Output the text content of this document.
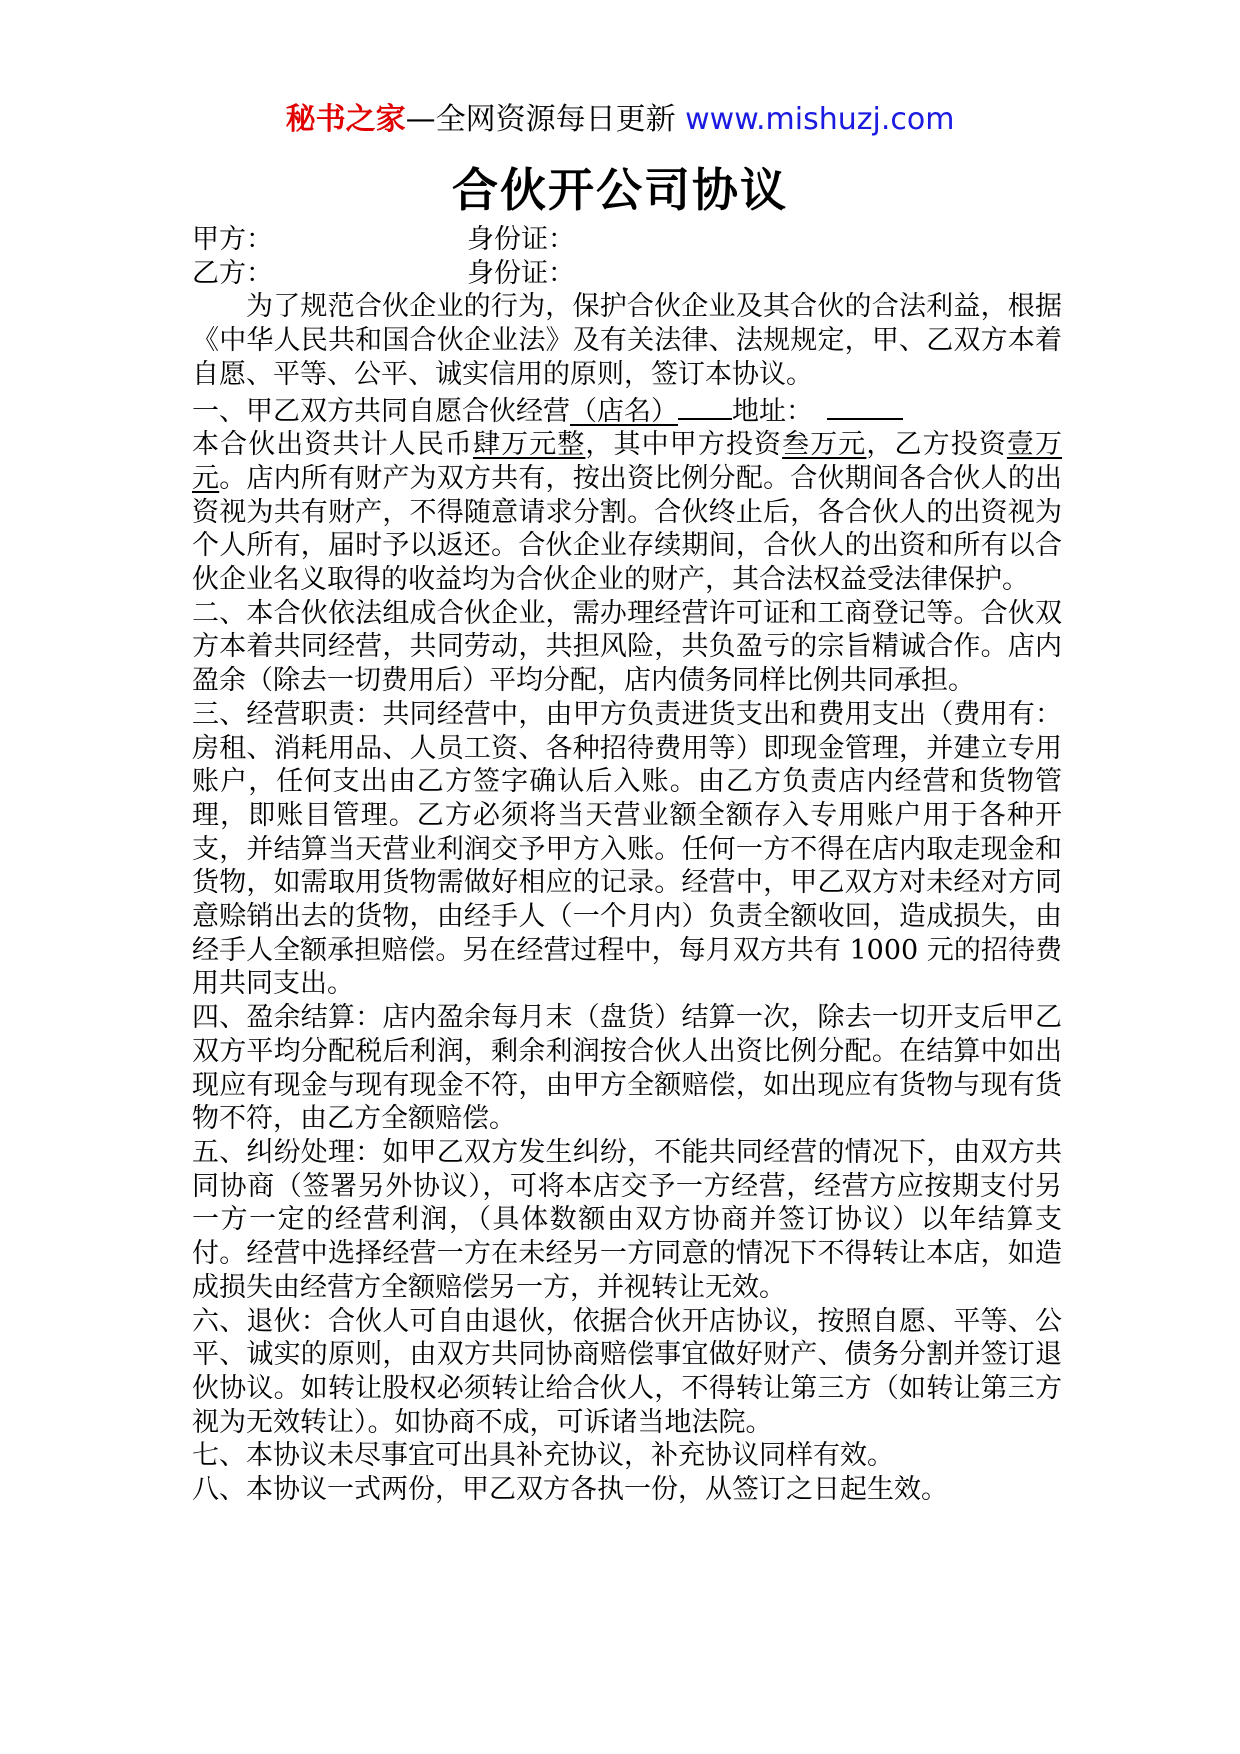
秘书之家—全网资源每日更新 www.mishuzj.com
合伙开公司协议
甲方：	身份证：
乙方：	身份证：

为了规范合伙企业的行为，保护合伙企业及其合伙的合法利益，根据《中华人民共和国合伙企业法》及有关法律、法规规定，甲、乙双方本着自愿、平等、公平、诚实信用的原则，签订本协议。

一、甲乙双方共同自愿合伙经营（店名） 地址：

本合伙出资共计人民币肆万元整，其中甲方投资叁万元，乙方投资壹万元。店内所有财产为双方共有，按出资比例分配。合伙期间各合伙人的出资视为共有财产，不得随意请求分割。合伙终止后，各合伙人的出资视为个人所有，届时予以返还。合伙企业存续期间，合伙人的出资和所有以合伙企业名义取得的收益均为合伙企业的财产，其合法权益受法律保护。

二、本合伙依法组成合伙企业，需办理经营许可证和工商登记等。合伙双方本着共同经营，共同劳动，共担风险，共负盈亏的宗旨精诚合作。店内盈余（除去一切费用后）平均分配，店内债务同样比例共同承担。

三、经营职责：共同经营中，由甲方负责进货支出和费用支出（费用有：房租、消耗用品、人员工资、各种招待费用等）即现金管理，并建立专用账户，任何支出由乙方签字确认后入账。由乙方负责店内经营和货物管理，即账目管理。乙方必须将当天营业额全额存入专用账户用于各种开支，并结算当天营业利润交予甲方入账。任何一方不得在店内取走现金和货物，如需取用货物需做好相应的记录。经营中，甲乙双方对未经对方同意赊销出去的货物，由经手人（一个月内）负责全额收回，造成损失，由经手人全额承担赔偿。另在经营过程中，每月双方共有 1000 元的招待费用共同支出。

四、盈余结算：店内盈余每月末（盘货）结算一次，除去一切开支后甲乙双方平均分配税后利润，剩余利润按合伙人出资比例分配。在结算中如出现应有现金与现有现金不符，由甲方全额赔偿，如出现应有货物与现有货物不符，由乙方全额赔偿。

五、纠纷处理：如甲乙双方发生纠纷，不能共同经营的情况下，由双方共同协商（签署另外协议），可将本店交予一方经营，经营方应按期支付另一方一定的经营利润，（具体数额由双方协商并签订协议）以年结算支付。经营中选择经营一方在未经另一方同意的情况下不得转让本店，如造成损失由经营方全额赔偿另一方，并视转让无效。

六、退伙：合伙人可自由退伙，依据合伙开店协议，按照自愿、平等、公平、诚实的原则，由双方共同协商赔偿事宜做好财产、债务分割并签订退伙协议。如转让股权必须转让给合伙人，不得转让第三方（如转让第三方视为无效转让）。如协商不成，可诉诸当地法院。

七、本协议未尽事宜可出具补充协议，补充协议同样有效。

八、本协议一式两份，甲乙双方各执一份，从签订之日起生效。
